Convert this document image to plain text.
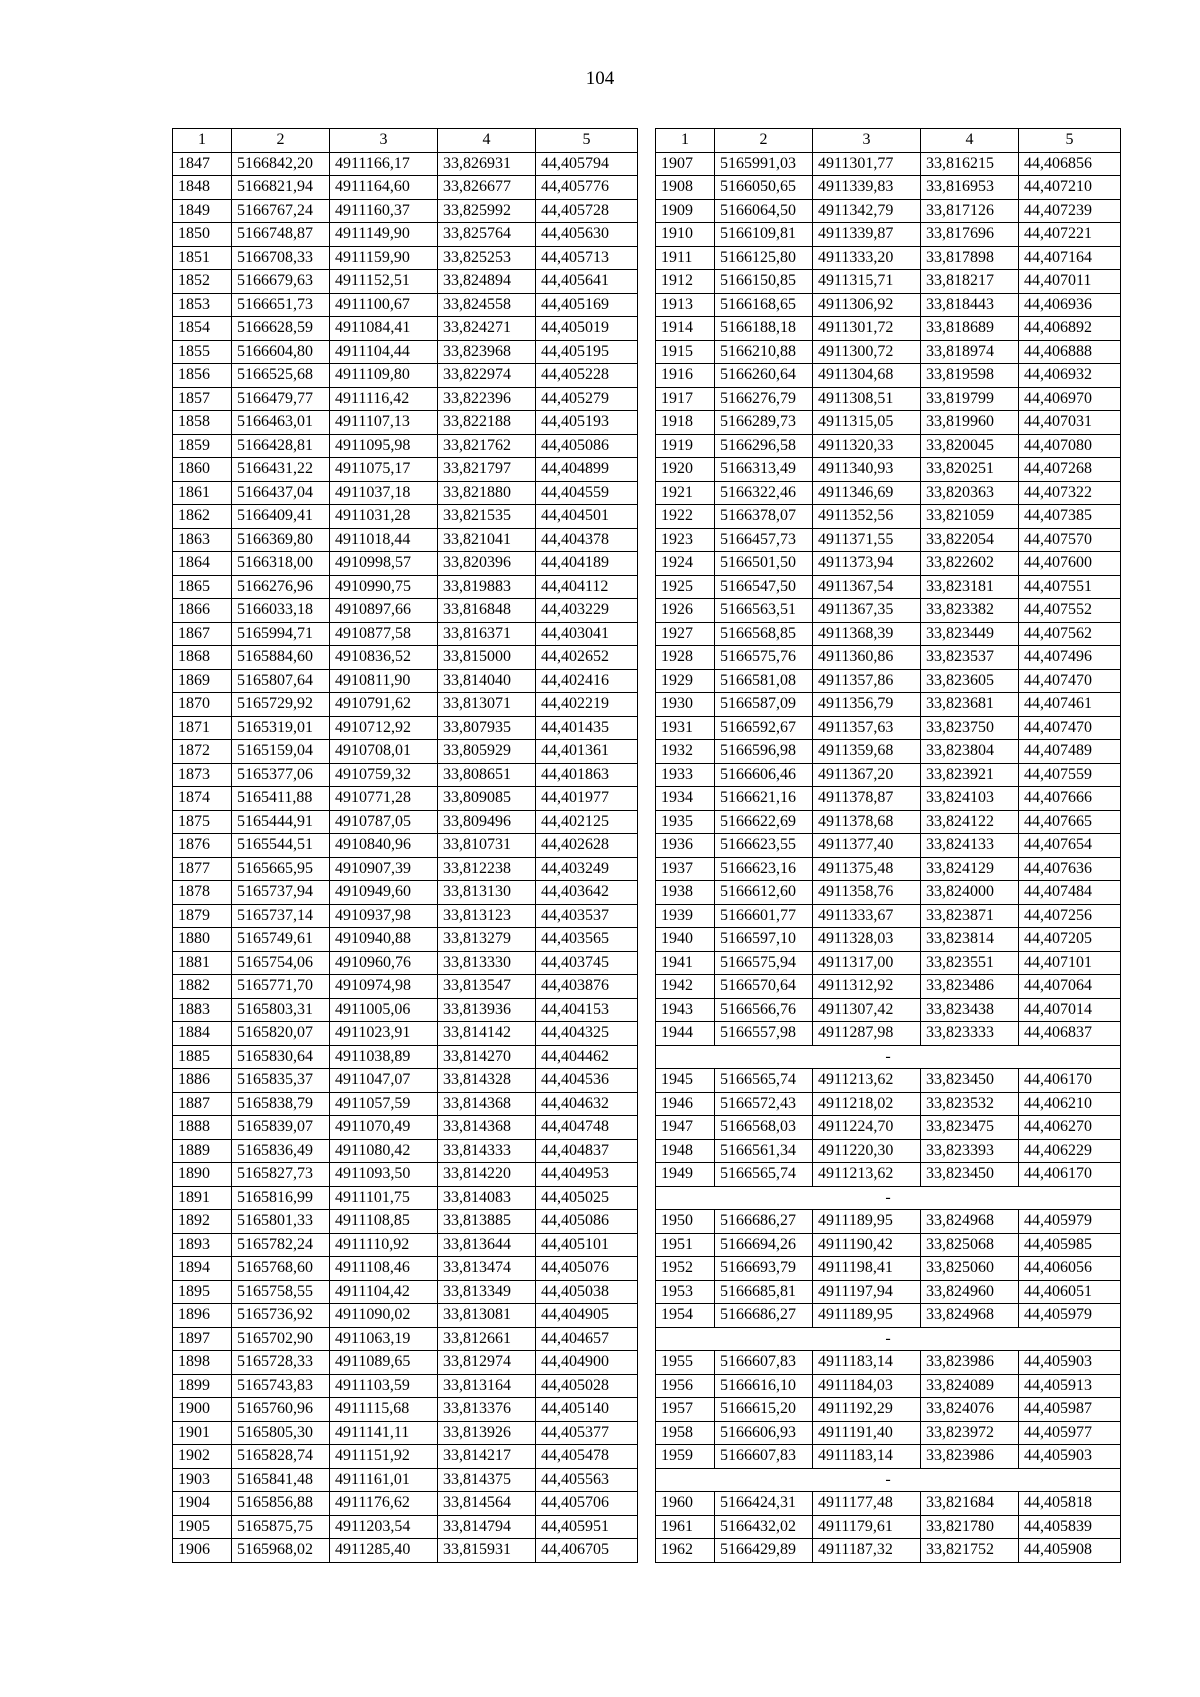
104
1	2	3	4	5
1847	5166842,20	4911166,17	33,826931	44,405794
1848	5166821,94	4911164,60	33,826677	44,405776
1849	5166767,24	4911160,37	33,825992	44,405728
1850	5166748,87	4911149,90	33,825764	44,405630
1851	5166708,33	4911159,90	33,825253	44,405713
1852	5166679,63	4911152,51	33,824894	44,405641
1853	5166651,73	4911100,67	33,824558	44,405169
1854	5166628,59	4911084,41	33,824271	44,405019
1855	5166604,80	4911104,44	33,823968	44,405195
1856	5166525,68	4911109,80	33,822974	44,405228
1857	5166479,77	4911116,42	33,822396	44,405279
1858	5166463,01	4911107,13	33,822188	44,405193
1859	5166428,81	4911095,98	33,821762	44,405086
1860	5166431,22	4911075,17	33,821797	44,404899
1861	5166437,04	4911037,18	33,821880	44,404559
1862	5166409,41	4911031,28	33,821535	44,404501
1863	5166369,80	4911018,44	33,821041	44,404378
1864	5166318,00	4910998,57	33,820396	44,404189
1865	5166276,96	4910990,75	33,819883	44,404112
1866	5166033,18	4910897,66	33,816848	44,403229
1867	5165994,71	4910877,58	33,816371	44,403041
1868	5165884,60	4910836,52	33,815000	44,402652
1869	5165807,64	4910811,90	33,814040	44,402416
1870	5165729,92	4910791,62	33,813071	44,402219
1871	5165319,01	4910712,92	33,807935	44,401435
1872	5165159,04	4910708,01	33,805929	44,401361
1873	5165377,06	4910759,32	33,808651	44,401863
1874	5165411,88	4910771,28	33,809085	44,401977
1875	5165444,91	4910787,05	33,809496	44,402125
1876	5165544,51	4910840,96	33,810731	44,402628
1877	5165665,95	4910907,39	33,812238	44,403249
1878	5165737,94	4910949,60	33,813130	44,403642
1879	5165737,14	4910937,98	33,813123	44,403537
1880	5165749,61	4910940,88	33,813279	44,403565
1881	5165754,06	4910960,76	33,813330	44,403745
1882	5165771,70	4910974,98	33,813547	44,403876
1883	5165803,31	4911005,06	33,813936	44,404153
1884	5165820,07	4911023,91	33,814142	44,404325
1885	5165830,64	4911038,89	33,814270	44,404462
1886	5165835,37	4911047,07	33,814328	44,404536
1887	5165838,79	4911057,59	33,814368	44,404632
1888	5165839,07	4911070,49	33,814368	44,404748
1889	5165836,49	4911080,42	33,814333	44,404837
1890	5165827,73	4911093,50	33,814220	44,404953
1891	5165816,99	4911101,75	33,814083	44,405025
1892	5165801,33	4911108,85	33,813885	44,405086
1893	5165782,24	4911110,92	33,813644	44,405101
1894	5165768,60	4911108,46	33,813474	44,405076
1895	5165758,55	4911104,42	33,813349	44,405038
1896	5165736,92	4911090,02	33,813081	44,404905
1897	5165702,90	4911063,19	33,812661	44,404657
1898	5165728,33	4911089,65	33,812974	44,404900
1899	5165743,83	4911103,59	33,813164	44,405028
1900	5165760,96	4911115,68	33,813376	44,405140
1901	5165805,30	4911141,11	33,813926	44,405377
1902	5165828,74	4911151,92	33,814217	44,405478
1903	5165841,48	4911161,01	33,814375	44,405563
1904	5165856,88	4911176,62	33,814564	44,405706
1905	5165875,75	4911203,54	33,814794	44,405951
1906	5165968,02	4911285,40	33,815931	44,406705
1	2	3	4	5
1907	5165991,03	4911301,77	33,816215	44,406856
1908	5166050,65	4911339,83	33,816953	44,407210
1909	5166064,50	4911342,79	33,817126	44,407239
1910	5166109,81	4911339,87	33,817696	44,407221
1911	5166125,80	4911333,20	33,817898	44,407164
1912	5166150,85	4911315,71	33,818217	44,407011
1913	5166168,65	4911306,92	33,818443	44,406936
1914	5166188,18	4911301,72	33,818689	44,406892
1915	5166210,88	4911300,72	33,818974	44,406888
1916	5166260,64	4911304,68	33,819598	44,406932
1917	5166276,79	4911308,51	33,819799	44,406970
1918	5166289,73	4911315,05	33,819960	44,407031
1919	5166296,58	4911320,33	33,820045	44,407080
1920	5166313,49	4911340,93	33,820251	44,407268
1921	5166322,46	4911346,69	33,820363	44,407322
1922	5166378,07	4911352,56	33,821059	44,407385
1923	5166457,73	4911371,55	33,822054	44,407570
1924	5166501,50	4911373,94	33,822602	44,407600
1925	5166547,50	4911367,54	33,823181	44,407551
1926	5166563,51	4911367,35	33,823382	44,407552
1927	5166568,85	4911368,39	33,823449	44,407562
1928	5166575,76	4911360,86	33,823537	44,407496
1929	5166581,08	4911357,86	33,823605	44,407470
1930	5166587,09	4911356,79	33,823681	44,407461
1931	5166592,67	4911357,63	33,823750	44,407470
1932	5166596,98	4911359,68	33,823804	44,407489
1933	5166606,46	4911367,20	33,823921	44,407559
1934	5166621,16	4911378,87	33,824103	44,407666
1935	5166622,69	4911378,68	33,824122	44,407665
1936	5166623,55	4911377,40	33,824133	44,407654
1937	5166623,16	4911375,48	33,824129	44,407636
1938	5166612,60	4911358,76	33,824000	44,407484
1939	5166601,77	4911333,67	33,823871	44,407256
1940	5166597,10	4911328,03	33,823814	44,407205
1941	5166575,94	4911317,00	33,823551	44,407101
1942	5166570,64	4911312,92	33,823486	44,407064
1943	5166566,76	4911307,42	33,823438	44,407014
1944	5166557,98	4911287,98	33,823333	44,406837
-				
1945	5166565,74	4911213,62	33,823450	44,406170
1946	5166572,43	4911218,02	33,823532	44,406210
1947	5166568,03	4911224,70	33,823475	44,406270
1948	5166561,34	4911220,30	33,823393	44,406229
1949	5166565,74	4911213,62	33,823450	44,406170
-				
1950	5166686,27	4911189,95	33,824968	44,405979
1951	5166694,26	4911190,42	33,825068	44,405985
1952	5166693,79	4911198,41	33,825060	44,406056
1953	5166685,81	4911197,94	33,824960	44,406051
1954	5166686,27	4911189,95	33,824968	44,405979
-				
1955	5166607,83	4911183,14	33,823986	44,405903
1956	5166616,10	4911184,03	33,824089	44,405913
1957	5166615,20	4911192,29	33,824076	44,405987
1958	5166606,93	4911191,40	33,823972	44,405977
1959	5166607,83	4911183,14	33,823986	44,405903
-				
1960	5166424,31	4911177,48	33,821684	44,405818
1961	5166432,02	4911179,61	33,821780	44,405839
1962	5166429,89	4911187,32	33,821752	44,405908
